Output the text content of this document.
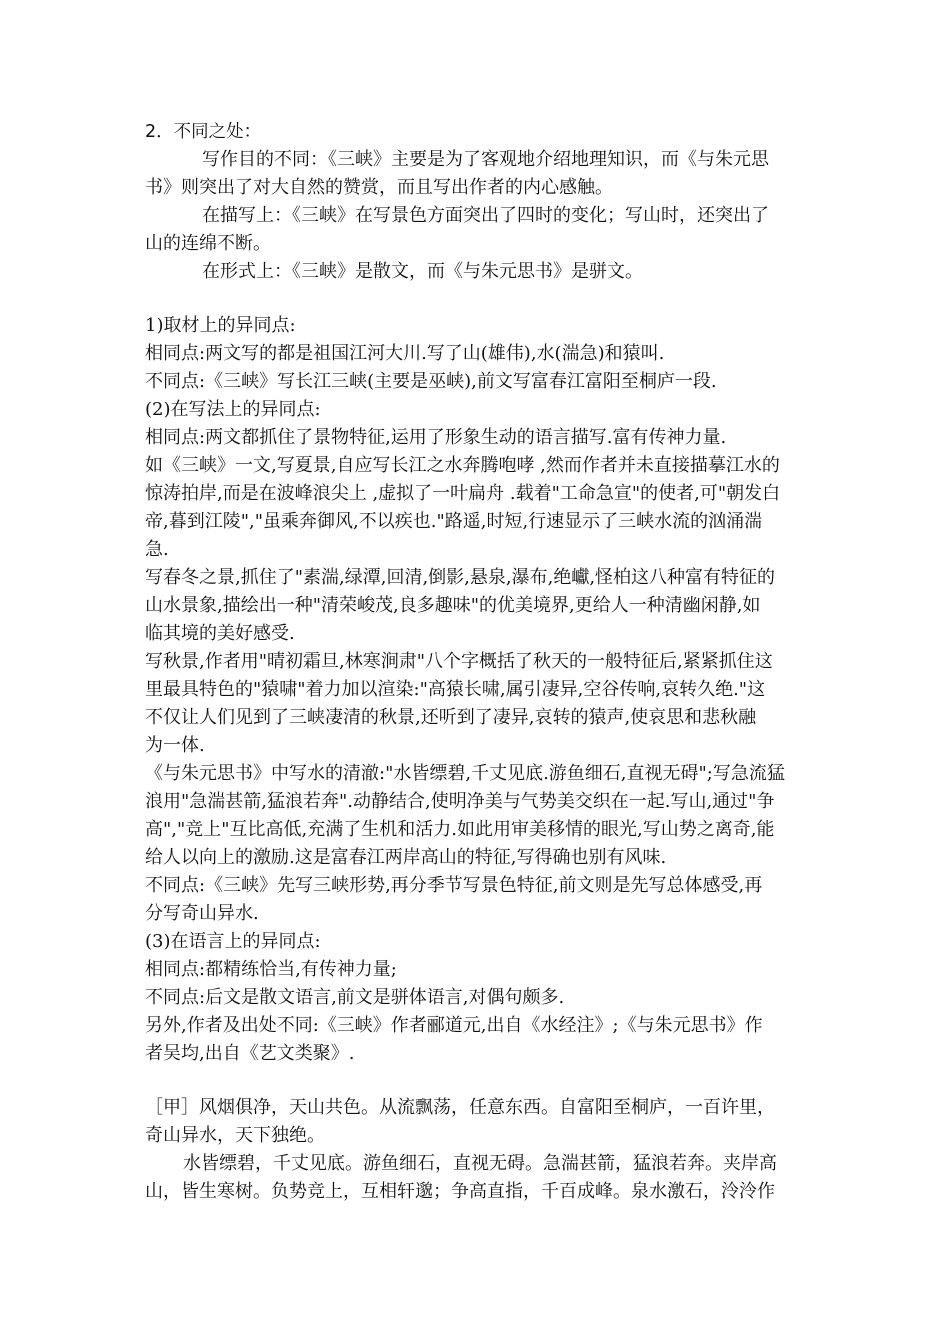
2．不同之处：

写作目的不同：《三峡》主要是为了客观地介绍地理知识，而《与朱元思

书》则突出了对大自然的赞赏，而且写出作者的内心感触。

在描写上：《三峡》在写景色方面突出了四时的变化；写山时，还突出了

山的连绵不断。

在形式上：《三峡》是散文，而《与朱元思书》是骈文。

1)取材上的异同点:

相同点:两文写的都是祖国江河大川.写了山(雄伟),水(湍急)和猿叫.

不同点:《三峡》写长江三峡(主要是巫峡),前文写富春江富阳至桐庐一段.

(2)在写法上的异同点:

相同点:两文都抓住了景物特征,运用了形象生动的语言描写.富有传神力量.

如《三峡》一文,写夏景,自应写长江之水奔腾咆哮 ,然而作者并未直接描摹江水的

惊涛拍岸,而是在波峰浪尖上 ,虚拟了一叶扁舟 .载着"工命急宣"的使者,可"朝发白

帝,暮到江陵","虽乘奔御风,不以疾也."路遥,时短,行速显示了三峡水流的汹涌湍

急.

写春冬之景,抓住了"素湍,绿潭,回清,倒影,悬泉,瀑布,绝巘,怪柏这八种富有特征的

山水景象,描绘出一种"清荣峻茂,良多趣味"的优美境界,更给人一种清幽闲静,如

临其境的美好感受.

写秋景,作者用"晴初霜旦,林寒涧肃"八个字概括了秋天的一般特征后,紧紧抓住这

里最具特色的"猿啸"着力加以渲染:"高猿长啸,属引凄异,空谷传响,哀转久绝."这

不仅让人们见到了三峡凄清的秋景,还听到了凄异,哀转的猿声,使哀思和悲秋融

为一体.

《与朱元思书》中写水的清澈:"水皆缥碧,千丈见底.游鱼细石,直视无碍";写急流猛

浪用"急湍甚箭,猛浪若奔".动静结合,使明净美与气势美交织在一起.写山,通过"争

高","竞上"互比高低,充满了生机和活力.如此用审美移情的眼光,写山势之离奇,能

给人以向上的激励.这是富春江两岸高山的特征,写得确也别有风味.

不同点:《三峡》先写三峡形势,再分季节写景色特征,前文则是先写总体感受,再

分写奇山异水.

(3)在语言上的异同点:

相同点:都精练恰当,有传神力量;

不同点:后文是散文语言,前文是骈体语言,对偶句颇多.

另外,作者及出处不同:《三峡》作者郦道元,出自《水经注》;《与朱元思书》作

者吴均,出自《艺文类聚》.

［甲］风烟俱净，天山共色。从流飘荡，任意东西。自富阳至桐庐，一百许里，

奇山异水，天下独绝。

水皆缥碧，千丈见底。游鱼细石，直视无碍。急湍甚箭，猛浪若奔。夹岸高

山，皆生寒树。负势竞上，互相轩邈；争高直指，千百成峰。泉水激石，泠泠作
